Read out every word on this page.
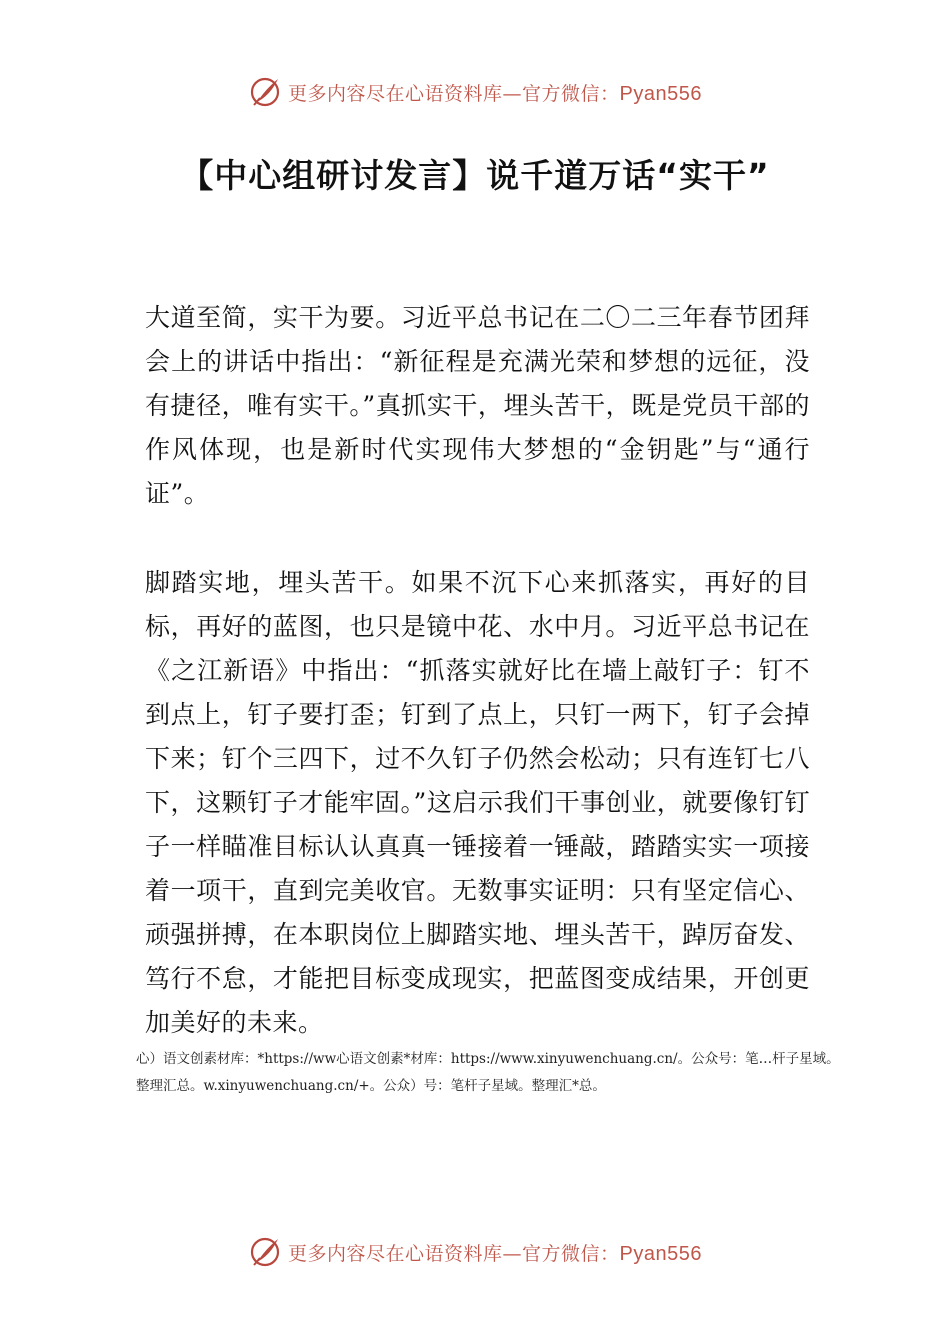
更多内容尽在心语资料库—官方微信：Pyan556
【中心组研讨发言】说千道万话“实干”

大道至简，实干为要。习近平总书记在二〇二三年春节团拜会上的讲话中指出：“新征程是充满光荣和梦想的远征，没有捷径，唯有实干。”真抓实干，埋头苦干，既是党员干部的作风体现，也是新时代实现伟大梦想的“金钥匙”与“通行证”。

脚踏实地，埋头苦干。如果不沉下心来抓落实，再好的目标，再好的蓝图，也只是镜中花、水中月。习近平总书记在《之江新语》中指出：“抓落实就好比在墙上敲钉子：钉不到点上，钉子要打歪；钉到了点上，只钉一两下，钉子会掉下来；钉个三四下，过不久钉子仍然会松动；只有连钉七八下，这颗钉子才能牢固。”这启示我们干事创业，就要像钉钉子一样瞄准目标认认真真一锤接着一锤敲，踏踏实实一项接着一项干，直到完美收官。无数事实证明：只有坚定信心、顽强拼搏，在本职岗位上脚踏实地、埋头苦干，踔厉奋发、笃行不怠，才能把目标变成现实，把蓝图变成结果，开创更加美好的未来。

心）语文创素材库：*https://ww心语文创素*材库：https://www.xinyuwenchuang.cn/。公众号：笔…杆子星域。整理汇总。w.xinyuwenchuang.cn/+。公众）号：笔杆子星域。整理汇*总。

更多内容尽在心语资料库—官方微信：Pyan556
